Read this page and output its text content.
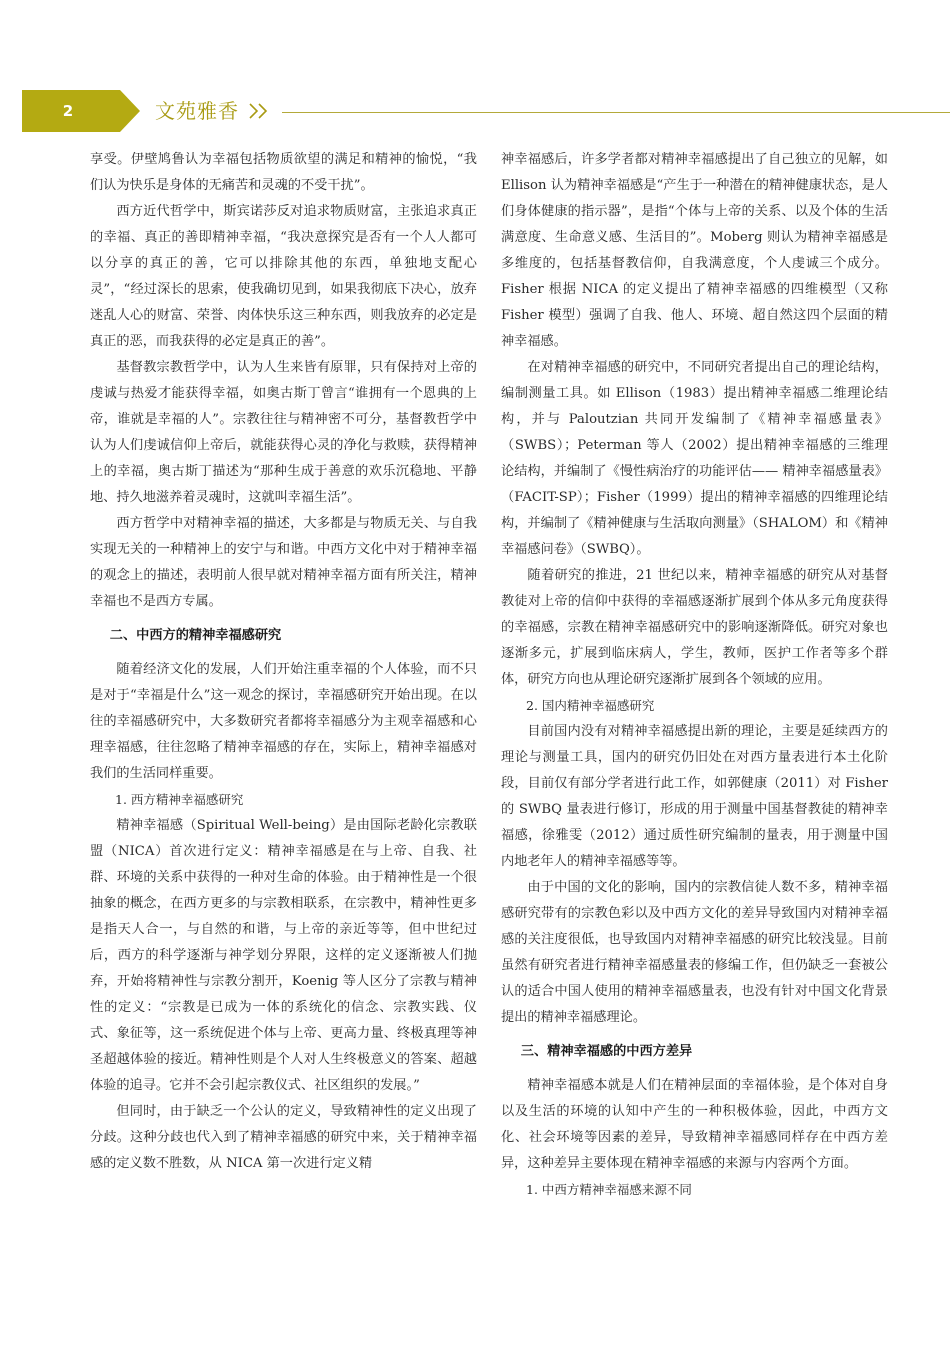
2	文苑雅香

享受。伊壁鸠鲁认为幸福包括物质欲望的满足和精神的愉悦，“我们认为快乐是身体的无痛苦和灵魂的不受干扰”。

西方近代哲学中，斯宾诺莎反对追求物质财富，主张追求真正的幸福、真正的善即精神幸福，“我决意探究是否有一个人人都可以分享的真正的善，它可以排除其他的东西，单独地支配心灵”，“经过深长的思索，使我确切见到，如果我彻底下决心，放弃迷乱人心的财富、荣誉、肉体快乐这三种东西，则我放弃的必定是真正的恶，而我获得的必定是真正的善”。

基督教宗教哲学中，认为人生来皆有原罪，只有保持对上帝的虔诚与热爱才能获得幸福，如奥古斯丁曾言“谁拥有一个恩典的上帝，谁就是幸福的人”。宗教往往与精神密不可分，基督教哲学中认为人们虔诚信仰上帝后，就能获得心灵的净化与救赎，获得精神上的幸福，奥古斯丁描述为“那种生成于善意的欢乐沉稳地、平静地、持久地滋养着灵魂时，这就叫幸福生活”。

西方哲学中对精神幸福的描述，大多都是与物质无关、与自我实现无关的一种精神上的安宁与和谐。中西方文化中对于精神幸福的观念上的描述，表明前人很早就对精神幸福方面有所关注，精神幸福也不是西方专属。

二、中西方的精神幸福感研究

随着经济文化的发展，人们开始注重幸福的个人体验，而不只是对于“幸福是什么”这一观念的探讨，幸福感研究开始出现。在以往的幸福感研究中，大多数研究者都将幸福感分为主观幸福感和心理幸福感，往往忽略了精神幸福感的存在，实际上，精神幸福感对我们的生活同样重要。

1. 西方精神幸福感研究

精神幸福感（Spiritual Well-being）是由国际老龄化宗教联盟（NICA）首次进行定义：精神幸福感是在与上帝、自我、社群、环境的关系中获得的一种对生命的体验。由于精神性是一个很抽象的概念，在西方更多的与宗教相联系，在宗教中，精神性更多是指天人合一，与自然的和谐，与上帝的亲近等等，但中世纪过后，西方的科学逐渐与神学划分界限，这样的定义逐渐被人们抛弃，开始将精神性与宗教分割开，Koenig 等人区分了宗教与精神性的定义：“宗教是已成为一体的系统化的信念、宗教实践、仪式、象征等，这一系统促进个体与上帝、更高力量、终极真理等神圣超越体验的接近。精神性则是个人对人生终极意义的答案、超越体验的追寻。它并不会引起宗教仪式、社区组织的发展。”

但同时，由于缺乏一个公认的定义，导致精神性的定义出现了分歧。这种分歧也代入到了精神幸福感的研究中来，关于精神幸福感的定义数不胜数，从 NICA 第一次进行定义精

神幸福感后，许多学者都对精神幸福感提出了自己独立的见解，如 Ellison 认为精神幸福感是“产生于一种潜在的精神健康状态，是人们身体健康的指示器”，是指“个体与上帝的关系、以及个体的生活满意度、生命意义感、生活目的”。Moberg 则认为精神幸福感是多维度的，包括基督教信仰，自我满意度，个人虔诚三个成分。Fisher 根据 NICA 的定义提出了精神幸福感的四维模型（又称 Fisher 模型）强调了自我、他人、环境、超自然这四个层面的精神幸福感。

在对精神幸福感的研究中，不同研究者提出自己的理论结构，编制测量工具。如 Ellison（1983）提出精神幸福感二维理论结构，并与 Paloutzian 共同开发编制了《精神幸福感量表》（SWBS）；Peterman 等人（2002）提出精神幸福感的三维理论结构，并编制了《慢性病治疗的功能评估—— 精神幸福感量表》（FACIT-SP）；Fisher（1999）提出的精神幸福感的四维理论结构，并编制了《精神健康与生活取向测量》（SHALOM）和《精神幸福感问卷》（SWBQ）。

随着研究的推进，21 世纪以来，精神幸福感的研究从对基督教徒对上帝的信仰中获得的幸福感逐渐扩展到个体从多元角度获得的幸福感，宗教在精神幸福感研究中的影响逐渐降低。研究对象也逐渐多元，扩展到临床病人，学生，教师，医护工作者等多个群体，研究方向也从理论研究逐渐扩展到各个领域的应用。

2. 国内精神幸福感研究

目前国内没有对精神幸福感提出新的理论，主要是延续西方的理论与测量工具，国内的研究仍旧处在对西方量表进行本土化阶段，目前仅有部分学者进行此工作，如郭健康（2011）对 Fisher 的 SWBQ 量表进行修订，形成的用于测量中国基督教徒的精神幸福感，徐雅雯（2012）通过质性研究编制的量表，用于测量中国内地老年人的精神幸福感等等。

由于中国的文化的影响，国内的宗教信徒人数不多，精神幸福感研究带有的宗教色彩以及中西方文化的差异导致国内对精神幸福感的关注度很低，也导致国内对精神幸福感的研究比较浅显。目前虽然有研究者进行精神幸福感量表的修编工作，但仍缺乏一套被公认的适合中国人使用的精神幸福感量表，也没有针对中国文化背景提出的精神幸福感理论。

三、精神幸福感的中西方差异

精神幸福感本就是人们在精神层面的幸福体验，是个体对自身以及生活的环境的认知中产生的一种积极体验，因此，中西方文化、社会环境等因素的差异，导致精神幸福感同样存在中西方差异，这种差异主要体现在精神幸福感的来源与内容两个方面。

1. 中西方精神幸福感来源不同
